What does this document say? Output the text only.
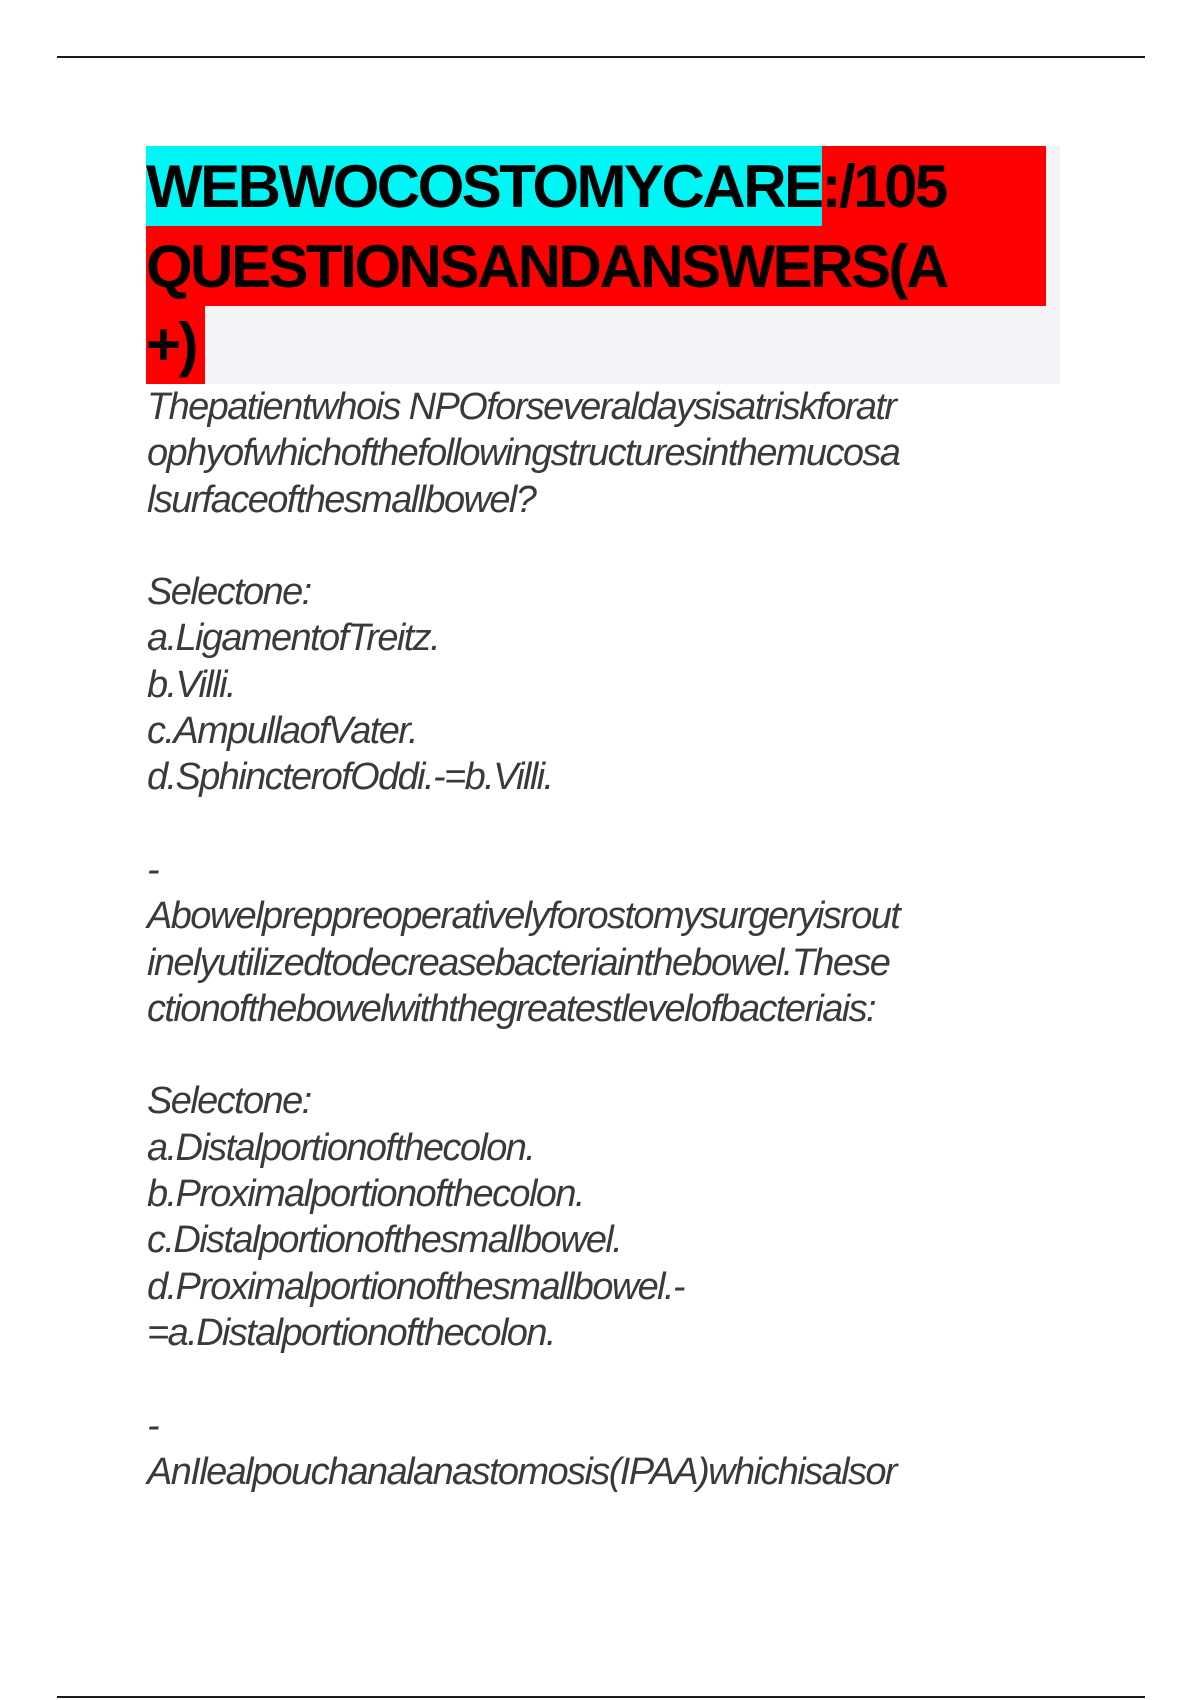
WEBWOCOSTOMYCARE :/105
QUESTIONSANDANSWERS(A
+)
Thepatientwhois NPOforseveraldaysisatriskforatr
ophyofwhichofthefollowingstructuresinthemucosa
lsurfaceofthesmallbowel?
Selectone:
a.LigamentofTreitz.
b.Villi.
c.AmpullaofVater.
d.SphincterofOddi.-=b.Villi.
-
Abowelpreppreoperativelyforostomysurgeryisrout
inelyutilizedtodecreasebacteriainthebowel.These
ctionofthebowelwiththegreatestlevelofbacteriais:
Selectone:
a.Distalportionofthecolon.
b.Proximalportionofthecolon.
c.Distalportionofthesmallbowel.
d.Proximalportionofthesmallbowel.-
=a.Distalportionofthecolon.
-
AnIlealpouchanalanastomosis(IPAA)whichisalsor
